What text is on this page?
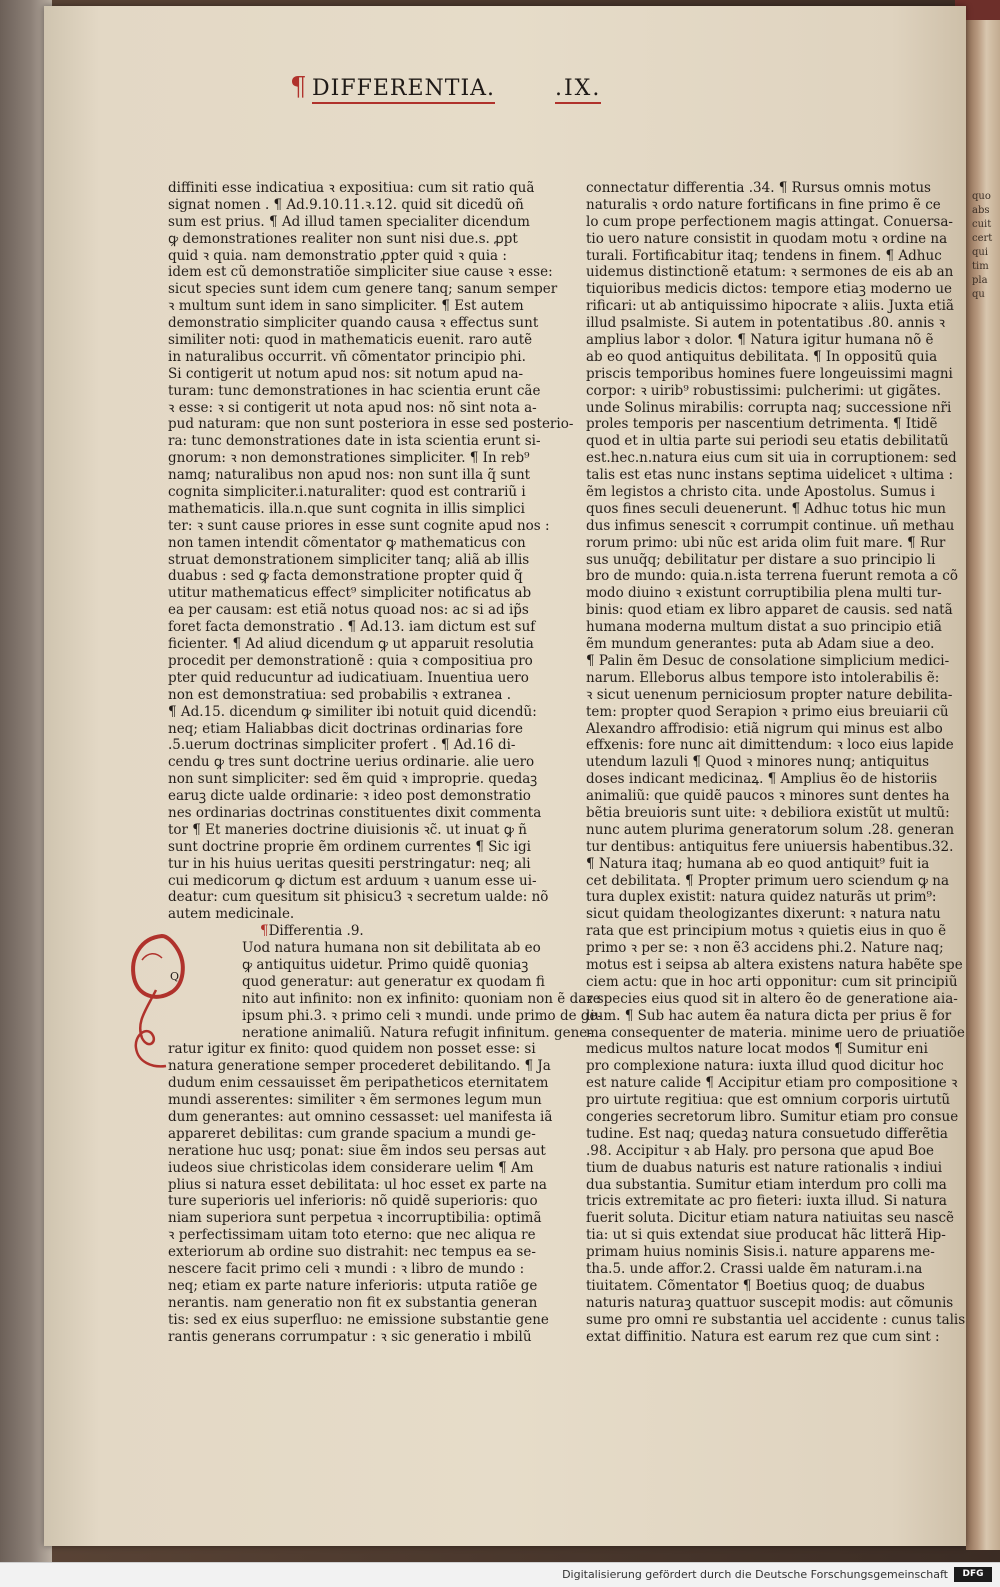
quo
abs
cuit
cert
qui
tim
pla
qu
¶ DIFFERENTIA.	.IX.
diffiniti esse indicatiua ꝛ expositiua: cum sit ratio quã
signat nomen . ¶ Ad.9.10.11.ꝛ.12. quid sit dicedũ oñ
sum est prius. ¶ Ad illud tamen specialiter dicendum
ꝙ demonstrationes realiter non sunt nisi due.s. ꝓpt
quid ꝛ quia. nam demonstratio ꝓpter quid ꝛ quia :
idem est cũ demonstratiõe simpliciter siue cause ꝛ esse:
sicut species sunt idem cum genere tanq; sanum semper
ꝛ multum sunt idem in sano simpliciter. ¶ Est autem
demonstratio simpliciter quando causa ꝛ effectus sunt
similiter noti: quod in mathematicis euenit. raro autẽ
in naturalibus occurrit. vñ cõmentator principio phi.
Si contigerit ut notum apud nos: sit notum apud na-
turam: tunc demonstrationes in hac scientia erunt cãe
ꝛ esse: ꝛ si contigerit ut nota apud nos: nõ sint nota a-
pud naturam: que non sunt posteriora in esse sed posterio-
ra: tunc demonstrationes date in ista scientia erunt si-
gnorum: ꝛ non demonstrationes simpliciter. ¶ In reb⁹
namq; naturalibus non apud nos: non sunt illa q̃ sunt
cognita simpliciter.i.naturaliter: quod est contrariũ i
mathematicis. illa.n.que sunt cognita in illis simplici
ter: ꝛ sunt cause priores in esse sunt cognite apud nos :
non tamen intendit cõmentator ꝙ mathematicus con
struat demonstrationem simpliciter tanq; aliã ab illis
duabus : sed ꝙ facta demonstratione propter quid q̃
utitur mathematicus effect⁹ simpliciter notificatus ab
ea per causam: est etiã notus quoad nos: ac si ad ip̃s
foret facta demonstratio . ¶ Ad.13. iam dictum est suf
ficienter. ¶ Ad aliud dicendum ꝙ ut apparuit resolutia
procedit per demonstrationẽ : quia ꝛ compositiua pro
pter quid reducuntur ad iudicatiuam. Inuentiua uero
non est demonstratiua: sed probabilis ꝛ extranea .
¶ Ad.15. dicendum ꝙ similiter ibi notuit quid dicendũ:
neq; etiam Haliabbas dicit doctrinas ordinarias fore
.5.uerum doctrinas simpliciter profert . ¶ Ad.16 di-
cendu ꝙ tres sunt doctrine uerius ordinarie. alie uero
non sunt simpliciter: sed ẽm quid ꝛ improprie. quedaꝫ
earuꝫ dicte ualde ordinarie: ꝛ ideo post demonstratio
nes ordinarias doctrinas constituentes dixit commenta
tor ¶ Et maneries doctrine diuisionis ꝛc̃. ut inuat ꝙ ñ
sunt doctrine proprie ẽm ordinem currentes ¶ Sic igi
tur in his huius ueritas quesiti perstringatur: neq; ali
cui medicorum ꝙ dictum est arduum ꝛ uanum esse ui-
deatur: cum quesitum sit phisicu3 ꝛ secretum ualde: nõ
autem medicinale.
¶Differentia .9.
Uod natura humana non sit debilitata ab eo
ꝙ antiquitus uidetur. Primo quidẽ quoniaꝫ
quod generatur: aut generatur ex quodam fi
nito aut infinito: non ex infinito: quoniam non ẽ dare
ipsum phi.3. ꝛ primo celi ꝛ mundi. unde primo de ge-
neratione animaliũ. Natura refugit infinitum. gene-
ratur igitur ex finito: quod quidem non posset esse: si
natura generatione semper procederet debilitando. ¶ Ja
dudum enim cessauisset ẽm peripatheticos eternitatem
mundi asserentes: similiter ꝛ ẽm sermones legum mun
dum generantes: aut omnino cessasset: uel manifesta iã
appareret debilitas: cum grande spacium a mundi ge-
neratione huc usq; ponat: siue ẽm indos seu persas aut
iudeos siue christicolas idem considerare uelim ¶ Am
plius si natura esset debilitata: ul hoc esset ex parte na
ture superioris uel inferioris: nõ quidẽ superioris: quo
niam superiora sunt perpetua ꝛ incorruptibilia: optimã
ꝛ perfectissimam uitam toto eterno: que nec aliqua re
exteriorum ab ordine suo distrahit: nec tempus ea se-
nescere facit primo celi ꝛ mundi : ꝛ libro de mundo :
neq; etiam ex parte nature inferioris: utputa ratiõe ge
nerantis. nam generatio non fit ex substantia generan
tis: sed ex eius superfluo: ne emissione substantie gene
rantis generans corrumpatur : ꝛ sic generatio i mbilũ
Q
connectatur differentia .34. ¶ Rursus omnis motus
naturalis ꝛ ordo nature fortificans in fine primo ẽ ce
lo cum prope perfectionem magis attingat. Conuersa-
tio uero nature consistit in quodam motu ꝛ ordine na
turali. Fortificabitur itaq; tendens in finem. ¶ Adhuc
uidemus distinctionẽ etatum: ꝛ sermones de eis ab an
tiquioribus medicis dictos: tempore etiaꝫ moderno ue
rificari: ut ab antiquissimo hipocrate ꝛ aliis. Juxta etiã
illud psalmiste. Si autem in potentatibus .80. annis ꝛ
amplius labor ꝛ dolor. ¶ Natura igitur humana nõ ẽ
ab eo quod antiquitus debilitata. ¶ In oppositũ quia
priscis temporibus homines fuere longeuissimi magni
corpor: ꝛ uirib⁹ robustissimi: pulcherimi: ut gigãtes.
unde Solinus mirabilis: corrupta naq; successione nr̃i
proles temporis per nascentium detrimenta. ¶ Itidẽ
quod et in ultia parte sui periodi seu etatis debilitatũ
est.hec.n.natura eius cum sit uia in corruptionem: sed
talis est etas nunc instans septima uidelicet ꝛ ultima :
ẽm legistos a christo cita. unde Apostolus. Sumus i
quos fines seculi deuenerunt. ¶ Adhuc totus hic mun
dus infimus senescit ꝛ corrumpit continue. uñ methau
rorum primo: ubi nũc est arida olim fuit mare. ¶ Rur
sus unuq̃q; debilitatur per distare a suo principio li
bro de mundo: quia.n.ista terrena fuerunt remota a cõ
modo diuino ꝛ existunt corruptibilia plena multi tur-
binis: quod etiam ex libro apparet de causis. sed natã
humana moderna multum distat a suo principio etiã
ẽm mundum generantes: puta ab Adam siue a deo.
¶ Palin ẽm Desuc de consolatione simplicium medici-
narum. Elleborus albus tempore isto intolerabilis ẽ:
ꝛ sicut uenenum perniciosum propter nature debilita-
tem: propter quod Serapion ꝛ primo eius breuiarii cũ
Alexandro affrodisio: etiã nigrum qui minus est albo
effxenis: fore nunc ait dimittendum: ꝛ loco eius lapide
utendum lazuli ¶ Quod ꝛ minores nunq; antiquitus
doses indicant medicinaꝝ. ¶ Amplius ẽo de historiis
animaliũ: que quidẽ paucos ꝛ minores sunt dentes ha
bẽtia breuioris sunt uite: ꝛ debiliora existũt ut multũ:
nunc autem plurima generatorum solum .28. generan
tur dentibus: antiquitus fere uniuersis habentibus.32.
¶ Natura itaq; humana ab eo quod antiquit⁹ fuit ia
cet debilitata. ¶ Propter primum uero sciendum ꝙ na
tura duplex existit: natura quidez naturãs ut prim⁹:
sicut quidam theologizantes dixerunt: ꝛ natura natu
rata que est principium motus ꝛ quietis eius in quo ẽ
primo ꝛ per se: ꝛ non ẽ3 accidens phi.2. Nature naq;
motus est i seipsa ab altera existens natura habẽte spe
ciem actu: que in hoc arti opponitur: cum sit principiũ
ꝛ species eius quod sit in altero ẽo de generatione aia-
lium. ¶ Sub hac autem ẽa natura dicta per prius ẽ for
ma consequenter de materia. minime uero de priuatiõe
medicus multos nature locat modos ¶ Sumitur eni
pro complexione natura: iuxta illud quod dicitur hoc
est nature calide ¶ Accipitur etiam pro compositione ꝛ
pro uirtute regitiua: que est omnium corporis uirtutũ
congeries secretorum libro. Sumitur etiam pro consue
tudine. Est naq; quedaꝫ natura consuetudo differẽtia
.98. Accipitur ꝛ ab Haly. pro persona que apud Boe
tium de duabus naturis est nature rationalis ꝛ indiui
dua substantia. Sumitur etiam interdum pro colli ma
tricis extremitate ac pro fieteri: iuxta illud. Si natura
fuerit soluta. Dicitur etiam natura natiuitas seu nascẽ
tia: ut si quis extendat siue producat hãc litterã Hip-
primam huius nominis Sisis.i. nature apparens me-
tha.5. unde affor.2. Crassi ualde ẽm naturam.i.na
tiuitatem. Cõmentator ¶ Boetius quoq; de duabus
naturis naturaꝫ quattuor suscepit modis: aut cõmunis
sume pro omni re substantia uel accidente : cunus talis
extat diffinitio. Natura est earum rez que cum sint :
Digitalisierung gefördert durch die Deutsche Forschungsgemeinschaft	DFG
